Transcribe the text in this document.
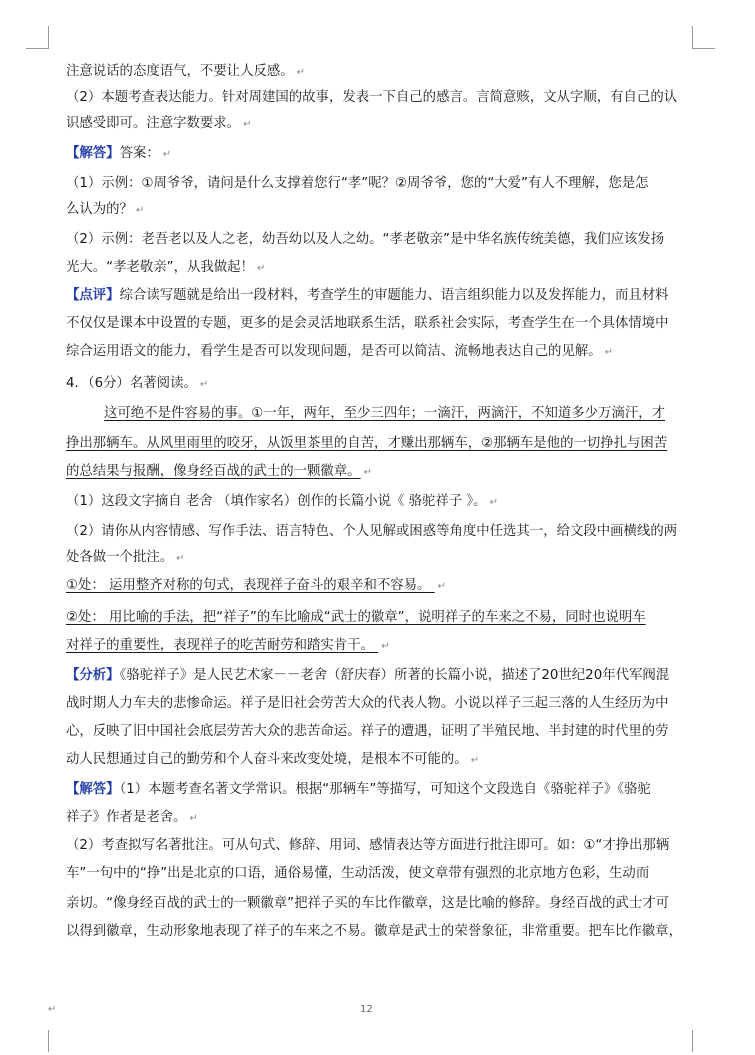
↵
注意说话的态度语气，不要让人反感。 ↵
（2）本题考查表达能力。针对周建国的故事，发表一下自己的感言。言简意赅，文从字顺，有自己的认
识感受即可。注意字数要求。 ↵
【解答】答案： ↵
（1）示例：①周爷爷，请问是什么支撑着您行“孝”呢？②周爷爷，您的“大爱”有人不理解，您是怎
么认为的？ ↵
（2）示例：老吾老以及人之老，幼吾幼以及人之幼。“孝老敬亲”是中华名族传统美德，我们应该发扬
光大。“孝老敬亲”，从我做起！ ↵
【点评】综合读写题就是给出一段材料，考查学生的审题能力、语言组织能力以及发挥能力，而且材料
不仅仅是课本中设置的专题，更多的是会灵活地联系生活，联系社会实际，考查学生在一个具体情境中
综合运用语文的能力，看学生是否可以发现问题，是否可以简洁、流畅地表达自己的见解。 ↵
4．（6分）名著阅读。 ↵
这可绝不是件容易的事。①一年，两年，至少三四年；一滴汗，两滴汗，不知道多少万滴汗，才
挣出那辆车。从风里雨里的咬牙，从饭里茶里的自苦，才赚出那辆车，②那辆车是他的一切挣扎与困苦
的总结果与报酬，像身经百战的武士的一颗徽章。 ↵
（1）这段文字摘自 老舍 （填作家名）创作的长篇小说《 骆驼祥子 》。 ↵
（2）请你从内容情感、写作手法、语言特色、个人见解或困惑等角度中任选其一，给文段中画横线的两
处各做一个批注。 ↵
①处： 运用整齐对称的句式，表现祥子奋斗的艰辛和不容易。 ↵
②处： 用比喻的手法，把“祥子”的车比喻成“武士的徽章”，说明祥子的车来之不易，同时也说明车
对祥子的重要性，表现祥子的吃苦耐劳和踏实肯干。 ↵
【分析】《骆驼祥子》是人民艺术家－－老舍（舒庆春）所著的长篇小说，描述了20世纪20年代军阀混
战时期人力车夫的悲惨命运。祥子是旧社会劳苦大众的代表人物。小说以祥子三起三落的人生经历为中
心，反映了旧中国社会底层劳苦大众的悲苦命运。祥子的遭遇，证明了半殖民地、半封建的时代里的劳
动人民想通过自己的勤劳和个人奋斗来改变处境，是根本不可能的。 ↵
【解答】（1）本题考查名著文学常识。根据“那辆车”等描写，可知这个文段选自《骆驼祥子》《骆驼
祥子》作者是老舍。 ↵
（2）考查拟写名著批注。可从句式、修辞、用词、感情表达等方面进行批注即可。如：①“才挣出那辆
车”一句中的“挣”出是北京的口语，通俗易懂，生动活泼，使文章带有强烈的北京地方色彩，生动而
亲切。“像身经百战的武士的一颗徽章”把祥子买的车比作徽章，这是比喻的修辞。身经百战的武士才可
以得到徽章，生动形象地表现了祥子的车来之不易。徽章是武士的荣誉象征，非常重要。把车比作徽章，
12
